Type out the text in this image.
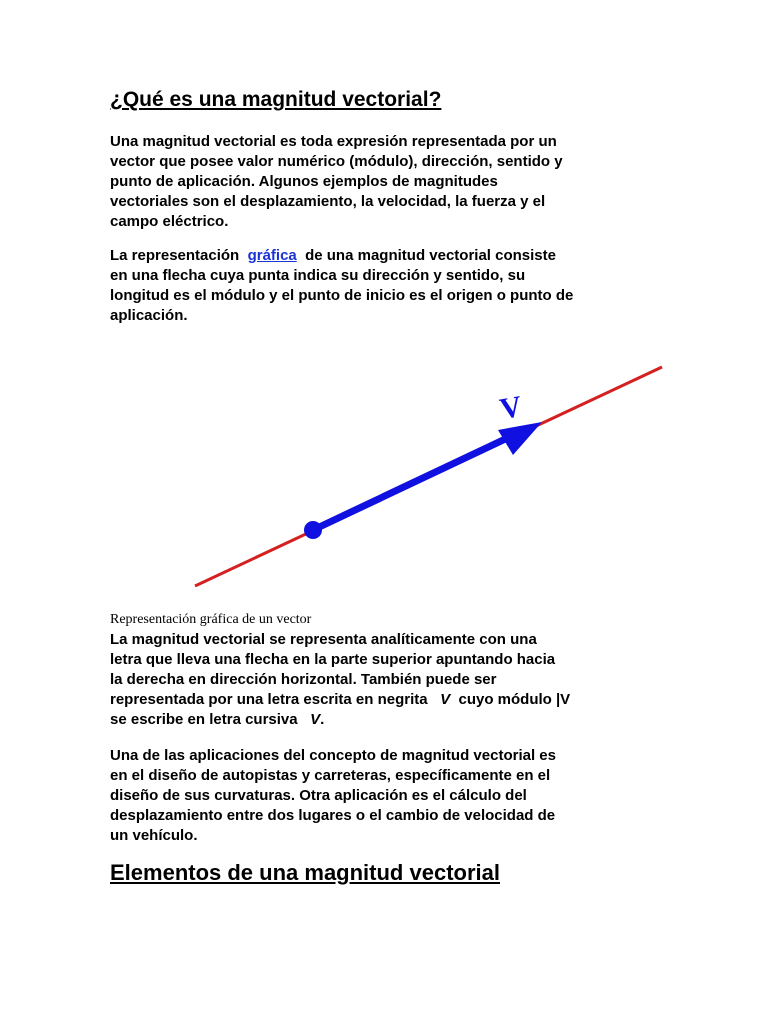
¿Qué es una magnitud vectorial?

Una magnitud vectorial es toda expresión representada por un
vector que posee valor numérico (módulo), dirección, sentido y
punto de aplicación. Algunos ejemplos de magnitudes
vectoriales son el desplazamiento, la velocidad, la fuerza y el
campo eléctrico.

La representación  gráfica  de una magnitud vectorial consiste
en una flecha cuya punta indica su dirección y sentido, su
longitud es el módulo y el punto de inicio es el origen o punto de
aplicación.

Representación gráfica de un vector

La magnitud vectorial se representa analíticamente con una
letra que lleva una flecha en la parte superior apuntando hacia
la derecha en dirección horizontal. También puede ser
representada por una letra escrita en negrita   V  cuyo módulo |V
se escribe en letra cursiva   V.

Una de las aplicaciones del concepto de magnitud vectorial es
en el diseño de autopistas y carreteras, específicamente en el
diseño de sus curvaturas. Otra aplicación es el cálculo del
desplazamiento entre dos lugares o el cambio de velocidad de
un vehículo.

Elementos de una magnitud vectorial
V
